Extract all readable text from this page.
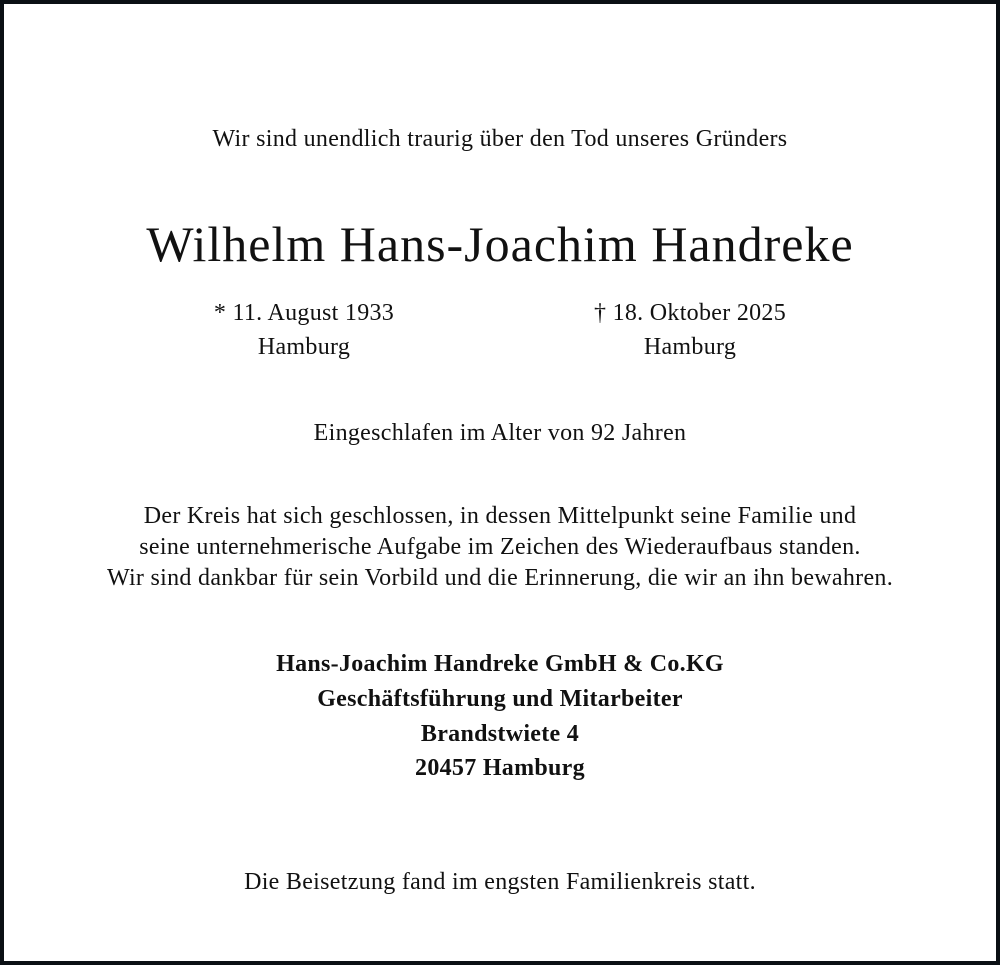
Wir sind unendlich traurig über den Tod unseres Gründers
Wilhelm Hans-Joachim Handreke
* 11. August 1933
Hamburg
† 18. Oktober 2025
Hamburg
Eingeschlafen im Alter von 92 Jahren
Der Kreis hat sich geschlossen, in dessen Mittelpunkt seine Familie und
seine unternehmerische Aufgabe im Zeichen des Wiederaufbaus standen.
Wir sind dankbar für sein Vorbild und die Erinnerung, die wir an ihn bewahren.
Hans-Joachim Handreke GmbH & Co.KG
Geschäftsführung und Mitarbeiter
Brandstwiete 4
20457 Hamburg
Die Beisetzung fand im engsten Familienkreis statt.
